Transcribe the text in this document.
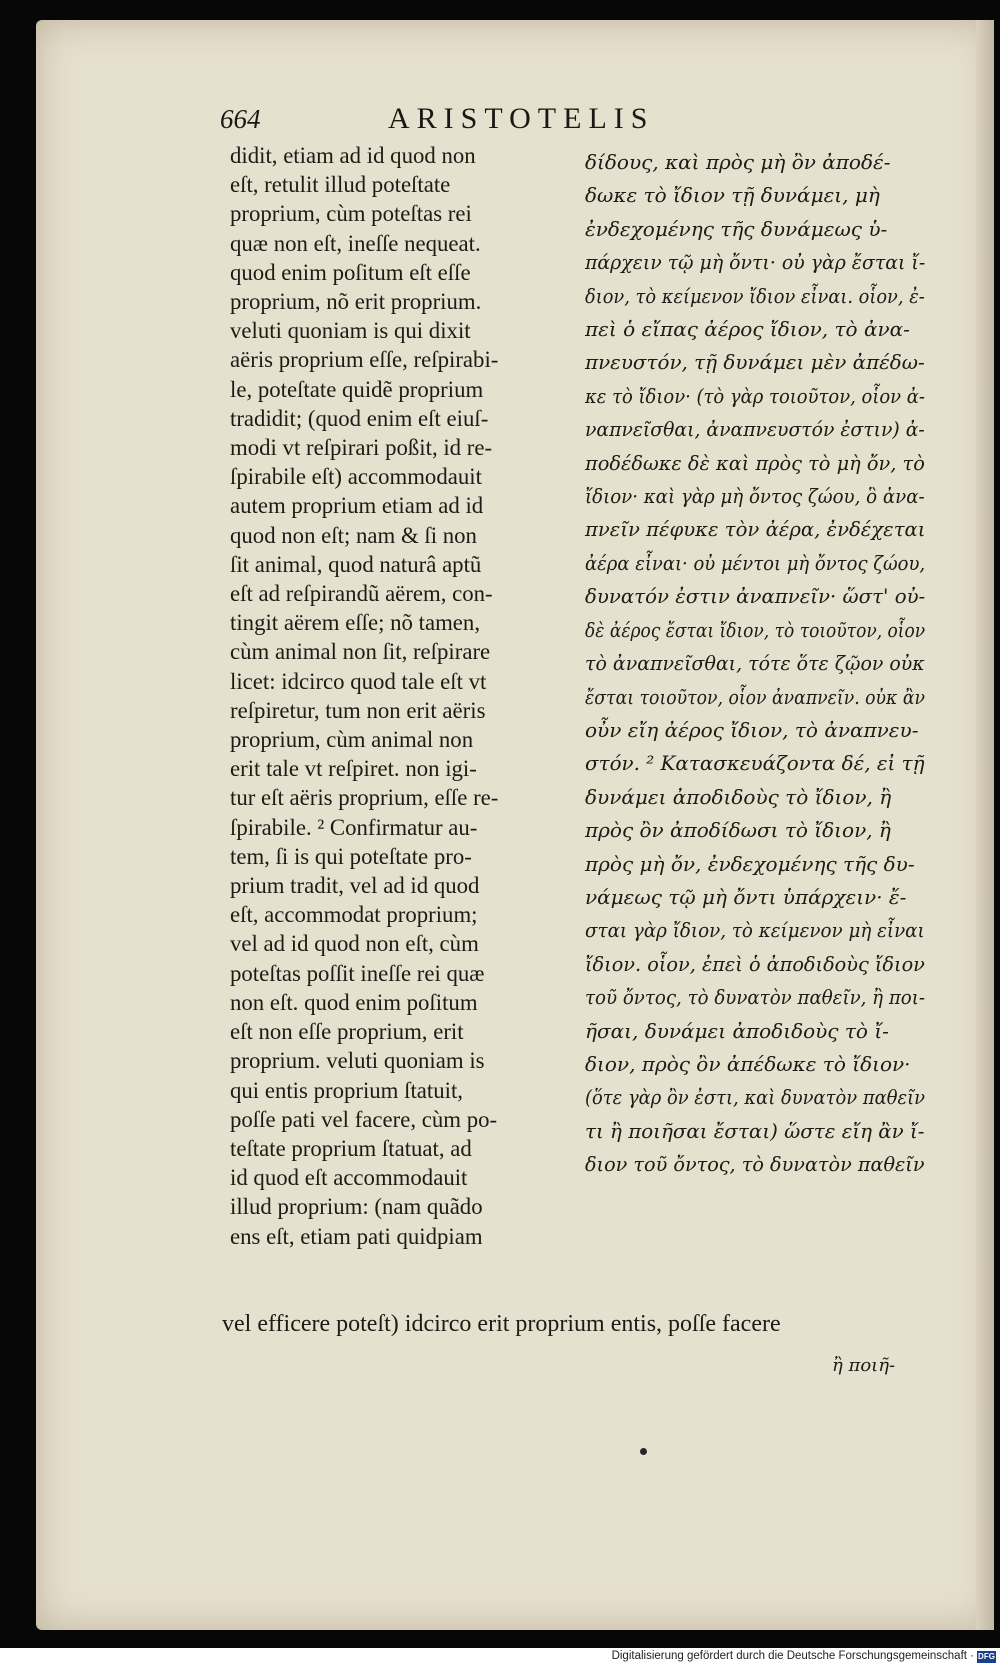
664	ARISTOTELIS
didit, etiam ad id quod non
eſt, retulit illud poteſtate
proprium, cùm poteſtas rei
quæ non eſt, ineſſe nequeat.
quod enim poſitum eſt eſſe
proprium, nõ erit proprium.
veluti quoniam is qui dixit
aëris proprium eſſe, reſpirabi-
le, poteſtate quidẽ proprium
tradidit; (quod enim eſt eiuſ-
modi vt reſpirari poßit, id re-
ſpirabile eſt) accommodauit
autem proprium etiam ad id
quod non eſt; nam & ſi non
ſit animal, quod naturâ aptũ
eſt ad reſpirandũ aërem, con-
tingit aërem eſſe; nõ tamen,
cùm animal non ſit, reſpirare
licet: idcirco quod tale eſt vt
reſpiretur, tum non erit aëris
proprium, cùm animal non
erit tale vt reſpiret. non igi-
tur eſt aëris proprium, eſſe re-
ſpirabile. ² Confirmatur au-
tem, ſi is qui poteſtate pro-
prium tradit, vel ad id quod
eſt, accommodat proprium;
vel ad id quod non eſt, cùm
poteſtas poſſit ineſſe rei quæ
non eſt. quod enim poſitum
eſt non eſſe proprium, erit
proprium. veluti quoniam is
qui entis proprium ſtatuit,
poſſe pati vel facere, cùm po-
teſtate proprium ſtatuat, ad
id quod eſt accommodauit
illud proprium: (nam quãdo
ens eſt, etiam pati quidpiam
δίδους, καὶ πρὸς μὴ ὂν ἀποδέ-
δωκε τὸ ἴδιον τῇ δυνάμει, μὴ
ἐνδεχομένης τῆς δυνάμεως ὑ-
πάρχειν τῷ μὴ ὄντι· οὐ γὰρ ἔσται ἴ-
διον, τὸ κείμενον ἴδιον εἶναι. οἷον, ἐ-
πεὶ ὁ εἴπας ἀέρος ἴδιον, τὸ ἀνα-
πνευστόν, τῇ δυνάμει μὲν ἀπέδω-
κε τὸ ἴδιον· (τὸ γὰρ τοιοῦτον, οἷον ἀ-
ναπνεῖσθαι, ἀναπνευστόν ἐστιν) ἀ-
ποδέδωκε δὲ καὶ πρὸς τὸ μὴ ὄν, τὸ
ἴδιον· καὶ γὰρ μὴ ὄντος ζώου, ὃ ἀνα-
πνεῖν πέφυκε τὸν ἀέρα, ἐνδέχεται
ἀέρα εἶναι· οὐ μέντοι μὴ ὄντος ζώου,
δυνατόν ἐστιν ἀναπνεῖν· ὥστ' οὐ-
δὲ ἀέρος ἔσται ἴδιον, τὸ τοιοῦτον, οἷον
τὸ ἀναπνεῖσθαι, τότε ὅτε ζῷον οὐκ
ἔσται τοιοῦτον, οἷον ἀναπνεῖν. οὐκ ἂν
οὖν εἴη ἀέρος ἴδιον, τὸ ἀναπνευ-
στόν. ² Κατασκευάζοντα δέ, εἰ τῇ
δυνάμει ἀποδιδοὺς τὸ ἴδιον, ἢ
πρὸς ὂν ἀποδίδωσι τὸ ἴδιον, ἢ
πρὸς μὴ ὄν, ἐνδεχομένης τῆς δυ-
νάμεως τῷ μὴ ὄντι ὑπάρχειν· ἔ-
σται γὰρ ἴδιον, τὸ κείμενον μὴ εἶναι
ἴδιον. οἷον, ἐπεὶ ὁ ἀποδιδοὺς ἴδιον
τοῦ ὄντος, τὸ δυνατὸν παθεῖν, ἢ ποι-
ῆσαι, δυνάμει ἀποδιδοὺς τὸ ἴ-
διον, πρὸς ὂν ἀπέδωκε τὸ ἴδιον·
(ὅτε γὰρ ὂν ἐστι, καὶ δυνατὸν παθεῖν
τι ἢ ποιῆσαι ἔσται) ὥστε εἴη ἂν ἴ-
διον τοῦ ὄντος, τὸ δυνατὸν παθεῖν
vel efficere poteſt) idcirco erit proprium entis, poſſe facere
ἢ ποιῆ-
Digitalisierung gefördert durch die Deutsche Forschungsgemeinschaft · DFG
